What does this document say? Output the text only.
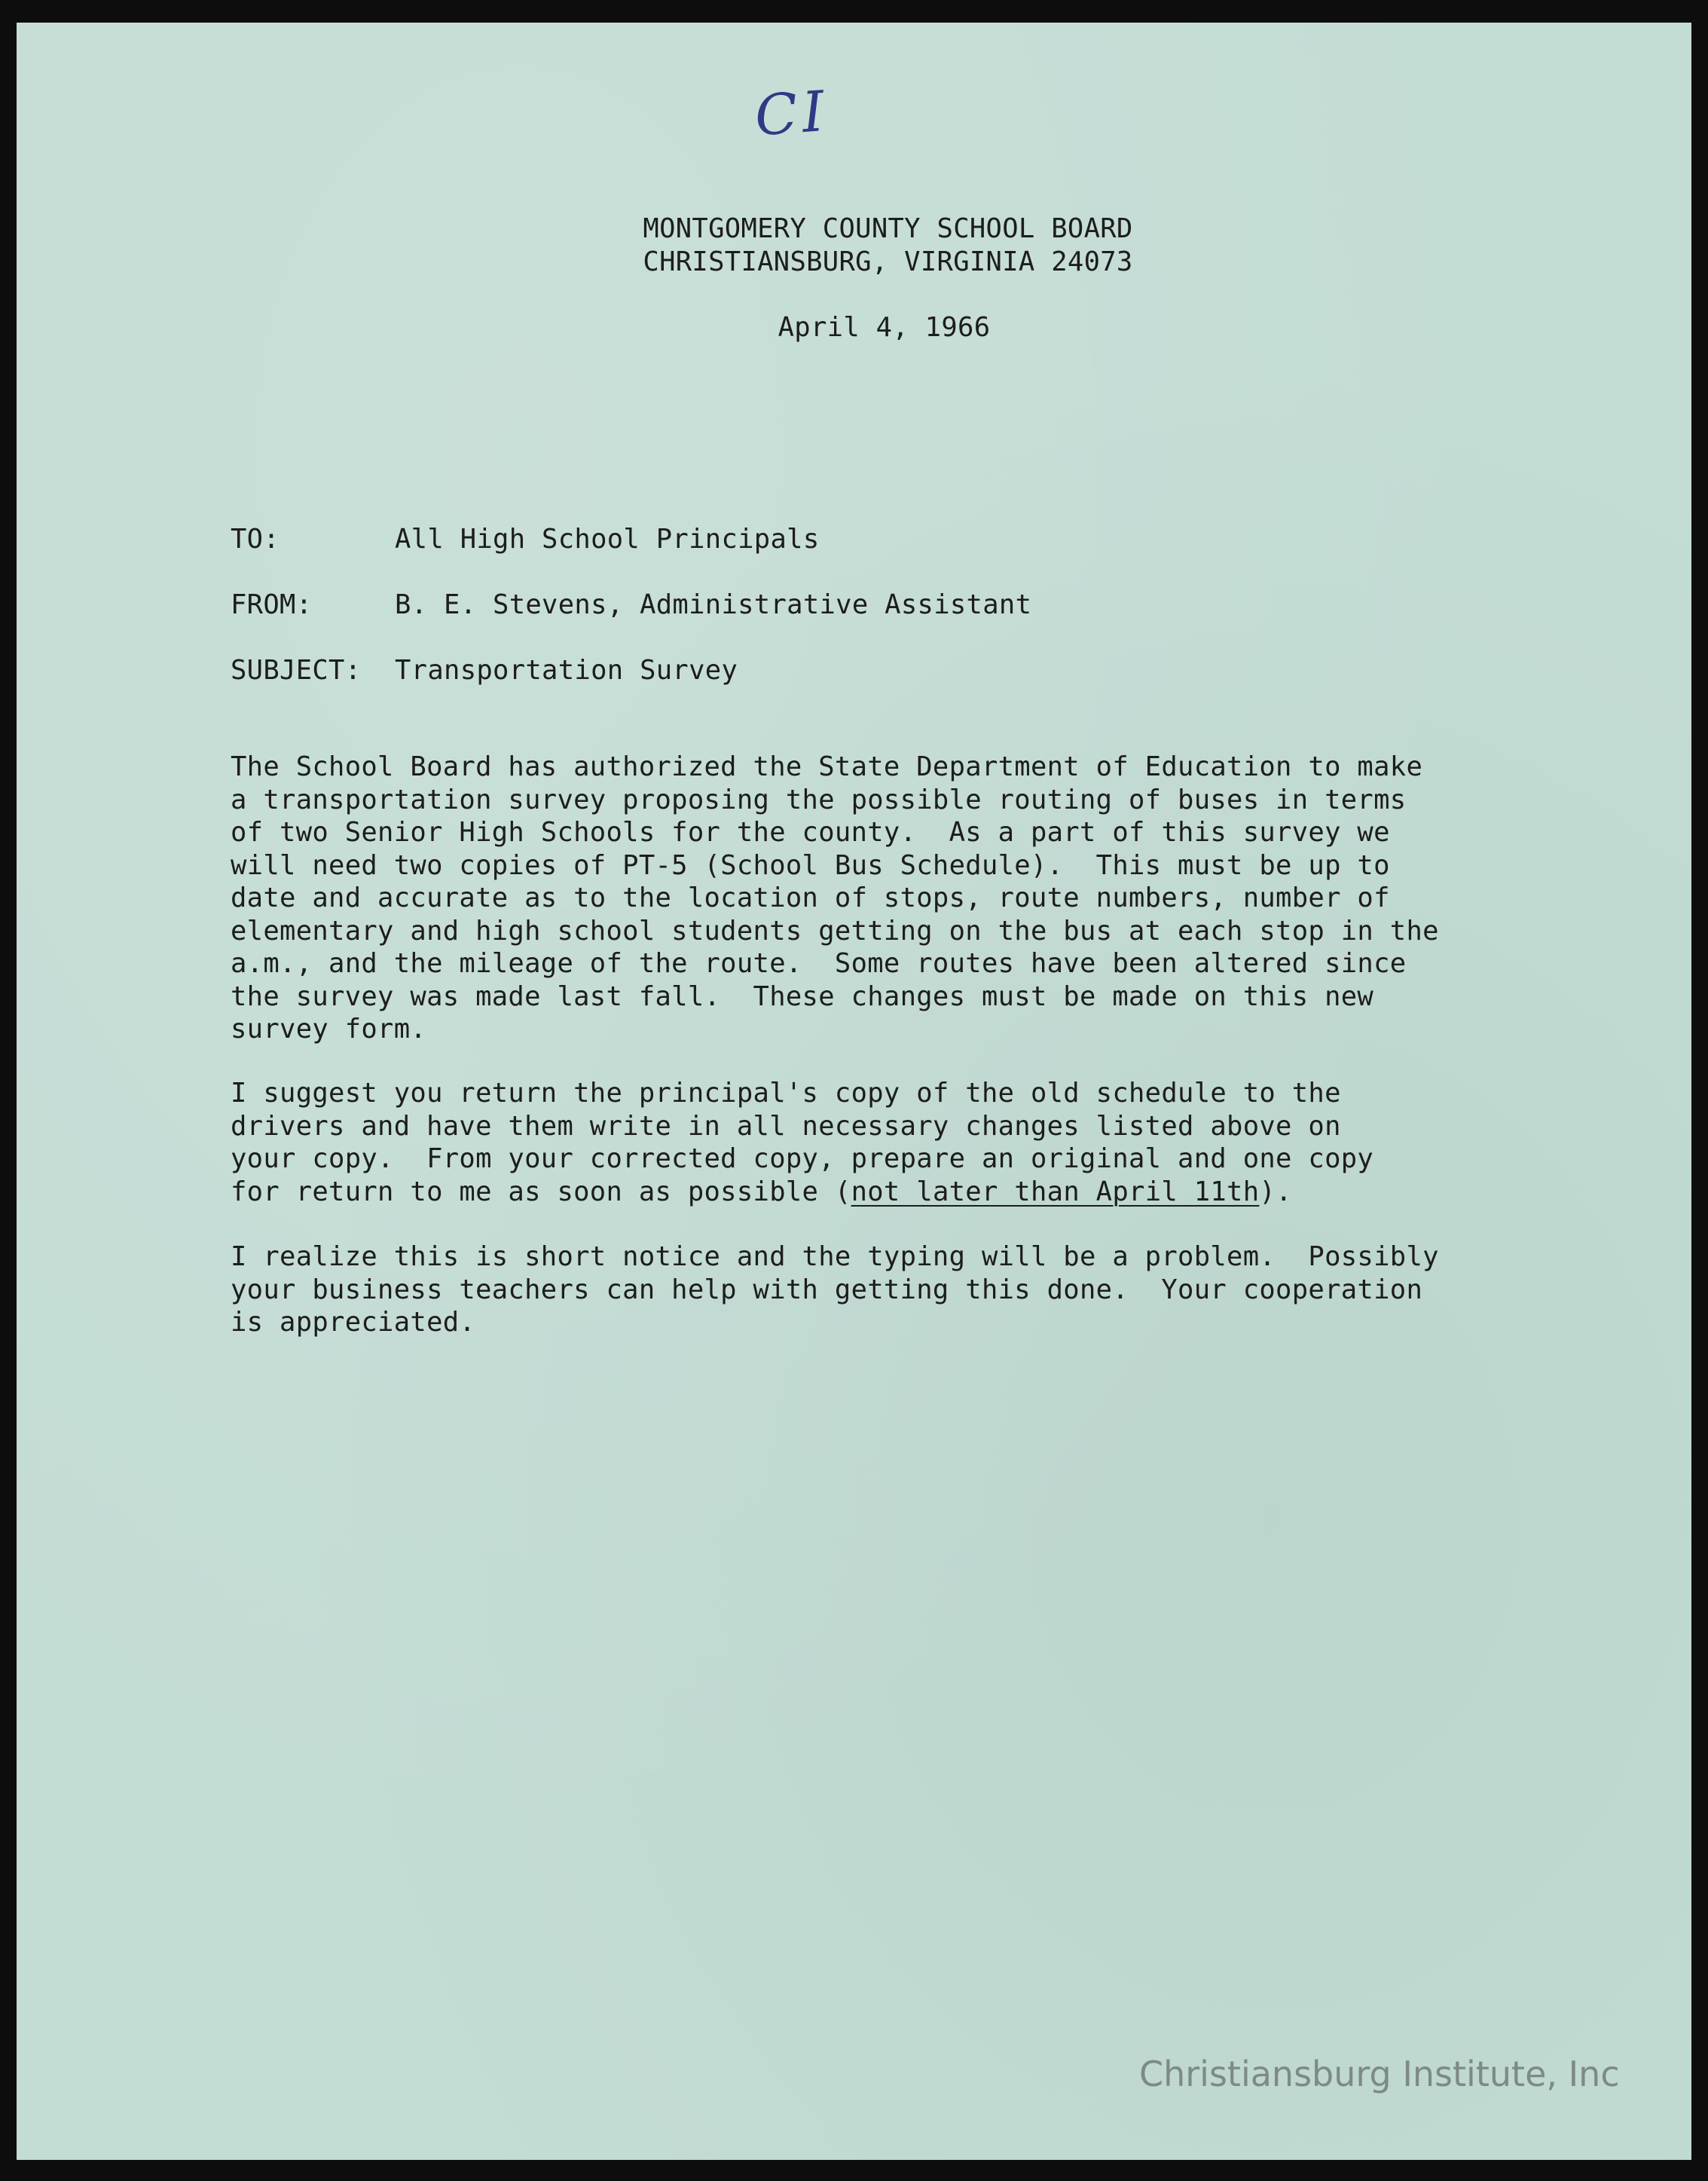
CI
MONTGOMERY COUNTY SCHOOL BOARD
CHRISTIANSBURG, VIRGINIA 24073
April 4, 1966
TO:	All High School Principals
FROM:	B. E. Stevens, Administrative Assistant
SUBJECT: Transportation Survey
The School Board has authorized the State Department of Education to make
a transportation survey proposing the possible routing of buses in terms
of two Senior High Schools for the county.  As a part of this survey we
will need two copies of PT-5 (School Bus Schedule).  This must be up to
date and accurate as to the location of stops, route numbers, number of
elementary and high school students getting on the bus at each stop in the
a.m., and the mileage of the route.  Some routes have been altered since
the survey was made last fall.  These changes must be made on this new
survey form.
I suggest you return the principal's copy of the old schedule to the
drivers and have them write in all necessary changes listed above on
your copy.  From your corrected copy, prepare an original and one copy
for return to me as soon as possible (not later than April 11th).
I realize this is short notice and the typing will be a problem.  Possibly
your business teachers can help with getting this done.  Your cooperation
is appreciated.
Christiansburg Institute, Inc
